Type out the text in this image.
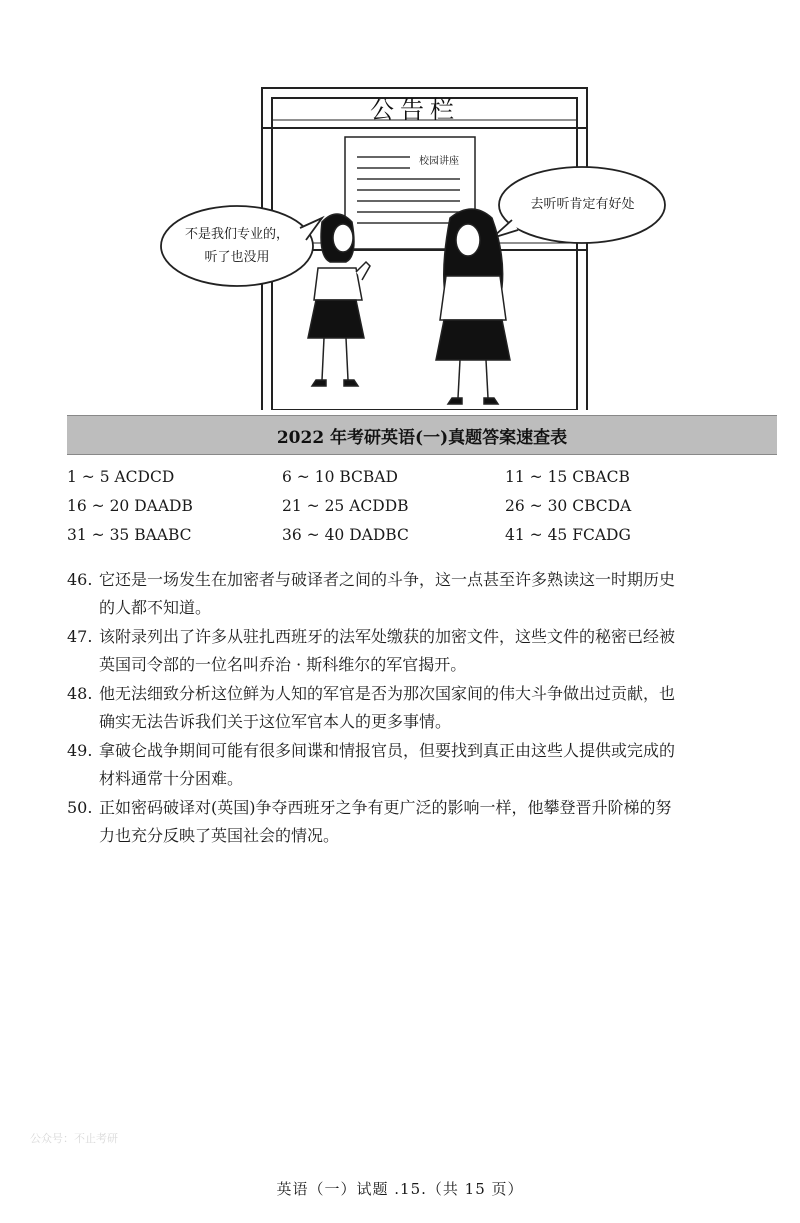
公告栏
校园讲座
不是我们专业的，
听了也没用
去听听肯定有好处
2022 年考研英语(一)真题答案速查表
1 ~ 5 ACDCD	6 ~ 10 BCBAD	11 ~ 15 CBACB
16 ~ 20 DAADB	21 ~ 25 ACDDB	26 ~ 30 CBCDA
31 ~ 35 BAABC	36 ~ 40 DADBC	41 ~ 45 FCADG
46. 它还是一场发生在加密者与破译者之间的斗争，这一点甚至许多熟读这一时期历史
的人都不知道。
47. 该附录列出了许多从驻扎西班牙的法军处缴获的加密文件，这些文件的秘密已经被
英国司令部的一位名叫乔治 · 斯科维尔的军官揭开。
48. 他无法细致分析这位鲜为人知的军官是否为那次国家间的伟大斗争做出过贡献，也
确实无法告诉我们关于这位军官本人的更多事情。
49. 拿破仑战争期间可能有很多间谍和情报官员，但要找到真正由这些人提供或完成的
材料通常十分困难。
50. 正如密码破译对(英国)争夺西班牙之争有更广泛的影响一样，他攀登晋升阶梯的努
力也充分反映了英国社会的情况。
公众号：不止考研
英语（一）试题 .15.（共 15 页）
